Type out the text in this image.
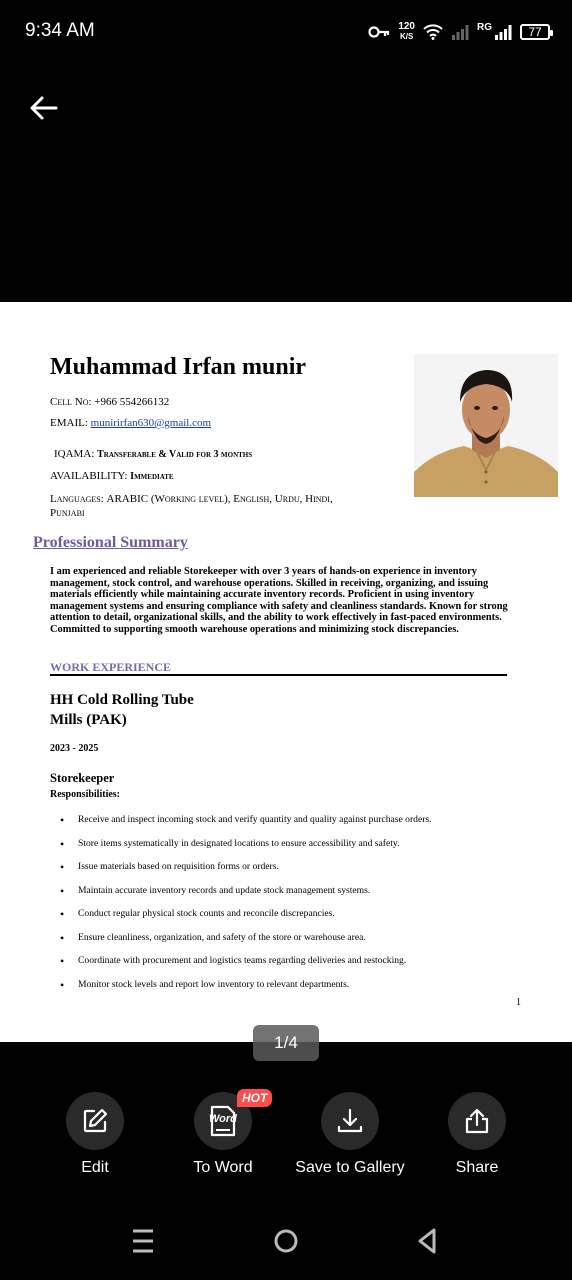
9:34 AM	120
K/S
RG	77
Muhammad Irfan munir
Cell No: +966 554266132
EMAIL: munirirfan630@gmail.com
IQAMA: Transferable & Valid for 3 months
AVAILABILITY: Immediate
Languages: ARABIC (Working level), English, Urdu, Hindi,
Punjabi
Professional Summary
I am experienced and reliable Storekeeper with over 3 years of hands-on experience in inventory management, stock control, and warehouse operations. Skilled in receiving, organizing, and issuing materials efficiently while maintaining accurate inventory records. Proficient in using inventory management systems and ensuring compliance with safety and cleanliness standards. Known for strong attention to detail, organizational skills, and the ability to work effectively in fast-paced environments. Committed to supporting smooth warehouse operations and minimizing stock discrepancies.
WORK EXPERIENCE
HH Cold Rolling Tube
Mills (PAK)
2023 - 2025
Storekeeper
Responsibilities:
• Receive and inspect incoming stock and verify quantity and quality against purchase orders.
• Store items systematically in designated locations to ensure accessibility and safety.
• Issue materials based on requisition forms or orders.
• Maintain accurate inventory records and update stock management systems.
• Conduct regular physical stock counts and reconcile discrepancies.
• Ensure cleanliness, organization, and safety of the store or warehouse area.
• Coordinate with procurement and logistics teams regarding deliveries and restocking.
• Monitor stock levels and report low inventory to relevant departments.
1
1/4
Edit
Word
HOT
To Word	Save to Gallery	Share
